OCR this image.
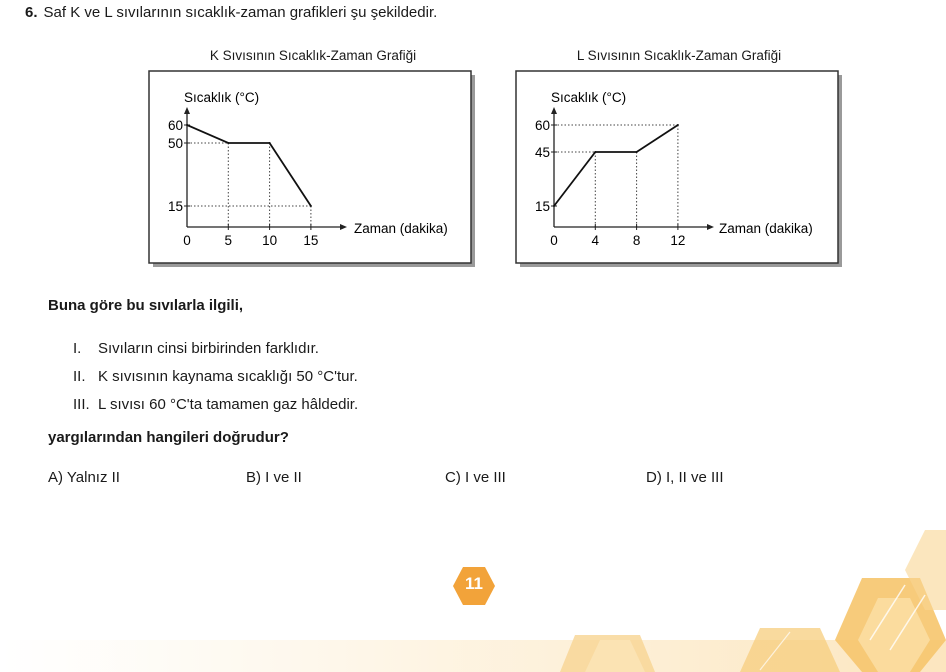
6. Saf K ve L sıvılarının sıcaklık-zaman grafikleri şu şekildedir.
K Sıvısının Sıcaklık-Zaman Grafiği	L Sıvısının Sıcaklık-Zaman Grafiği
Sıcaklık (°C)
Zaman (dakika)
0	5 10 15
15
50
60
Sıcaklık (°C)
Zaman (dakika)
0	4	8 12
15
45
60
Buna göre bu sıvılarla ilgili,
I. Sıvıların cinsi birbirinden farklıdır.
II. K sıvısının kaynama sıcaklığı 50 °C'tur.
III. L sıvısı 60 °C'ta tamamen gaz hâldedir.
yargılarından hangileri doğrudur?
A) Yalnız II	B) I ve II	C) I ve III	D) I, II ve III
11
